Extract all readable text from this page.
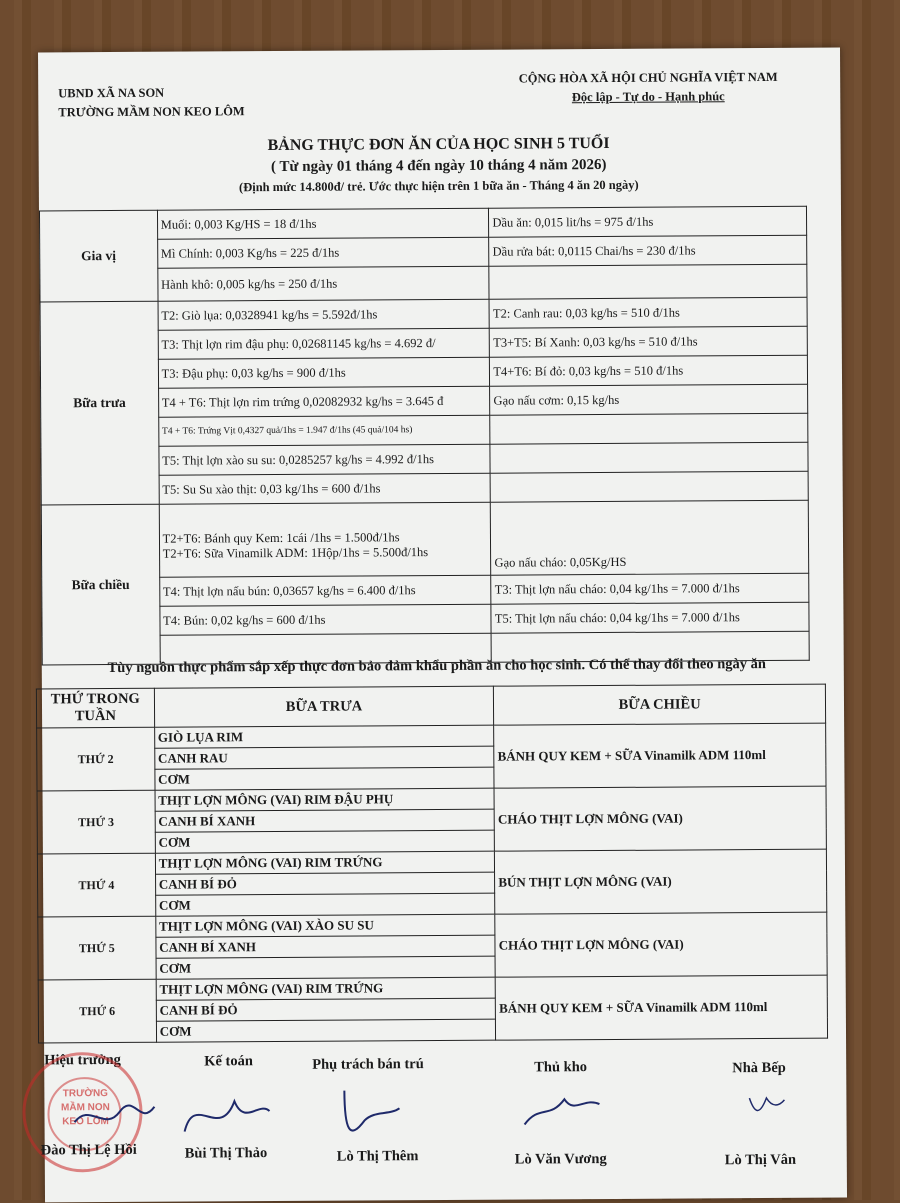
UBND XÃ NA SON
TRƯỜNG MẦM NON KEO LÔM
CỘNG HÒA XÃ HỘI CHỦ NGHĨA VIỆT NAM
Độc lập - Tự do - Hạnh phúc
BẢNG THỰC ĐƠN ĂN CỦA HỌC SINH 5 TUỔI
( Từ ngày 01 tháng 4 đến ngày 10 tháng 4 năm 2026)
(Định mức 14.800đ/ trẻ. Ước thực hiện trên 1 bữa ăn - Tháng 4 ăn 20 ngày)
Gia vị	Muối: 0,003 Kg/HS = 18 đ/1hs	Dầu ăn: 0,015 lit/hs = 975 đ/1hs
	Mì Chính: 0,003 Kg/hs = 225 đ/1hs	Dầu rửa bát: 0,0115 Chai/hs = 230 đ/1hs
	Hành khô: 0,005 kg/hs = 250 đ/1hs	
Bữa trưa	T2: Giò lụa: 0,0328941 kg/hs = 5.592đ/1hs	T2: Canh rau: 0,03 kg/hs = 510 đ/1hs
	T3: Thịt lợn rim đậu phụ: 0,02681145 kg/hs = 4.692 đ/	T3+T5: Bí Xanh: 0,03 kg/hs = 510 đ/1hs
	T3: Đậu phụ: 0,03 kg/hs = 900 đ/1hs	T4+T6: Bí đỏ: 0,03 kg/hs = 510 đ/1hs
	T4 + T6: Thịt lợn rim trứng 0,02082932 kg/hs = 3.645 đ	Gạo nấu cơm: 0,15 kg/hs
	T4 + T6: Trứng Vịt 0,4327 quả/1hs = 1.947 đ/1hs (45 quả/104 hs)	
	T5: Thịt lợn xào su su: 0,0285257 kg/hs = 4.992 đ/1hs	
	T5: Su Su xào thịt: 0,03 kg/1hs = 600 đ/1hs	
Bữa chiều	T2+T6: Bánh quy Kem: 1cái /1hs = 1.500đ/1hs
T2+T6: Sữa Vinamilk ADM: 1Hộp/1hs = 5.500đ/1hs	Gạo nấu cháo: 0,05Kg/HS
	T4: Thịt lợn nấu bún: 0,03657 kg/hs = 6.400 đ/1hs	T3: Thịt lợn nấu cháo: 0,04 kg/1hs = 7.000 đ/1hs
	T4: Bún: 0,02 kg/hs = 600 đ/1hs	T5: Thịt lợn nấu cháo: 0,04 kg/1hs = 7.000 đ/1hs

Tùy nguồn thực phẩm sắp xếp thực đơn bảo đảm khẩu phần ăn cho học sinh. Có thể thay đổi theo ngày ăn
THỨ TRONG TUẦN	BỮA TRƯA	BỮA CHIỀU
THỨ 2	GIÒ LỤA RIM	BÁNH QUY KEM + SỮA Vinamilk ADM 110ml
	CANH RAU	
	CƠM	
THỨ 3	THỊT LỢN MÔNG (VAI) RIM ĐẬU PHỤ	CHÁO THỊT LỢN MÔNG (VAI)
	CANH BÍ XANH	
	CƠM	
THỨ 4	THỊT LỢN MÔNG (VAI) RIM TRỨNG	BÚN THỊT LỢN MÔNG (VAI)
	CANH BÍ ĐỎ	
	CƠM	
THỨ 5	THỊT LỢN MÔNG (VAI) XÀO SU SU	CHÁO THỊT LỢN MÔNG (VAI)
	CANH BÍ XANH	
	CƠM	
THỨ 6	THỊT LỢN MÔNG (VAI) RIM TRỨNG	BÁNH QUY KEM + SỮA Vinamilk ADM 110ml
	CANH BÍ ĐỎ	
	CƠM	
Hiệu trưởng	Kế toán	Phụ trách bán trú	Thủ kho	Nhà Bếp
TRƯỜNG MẦM NON KEO LÔM
Đào Thị Lệ Hồi	Bùi Thị Thảo	Lò Thị Thêm	Lò Văn Vương	Lò Thị Vân
